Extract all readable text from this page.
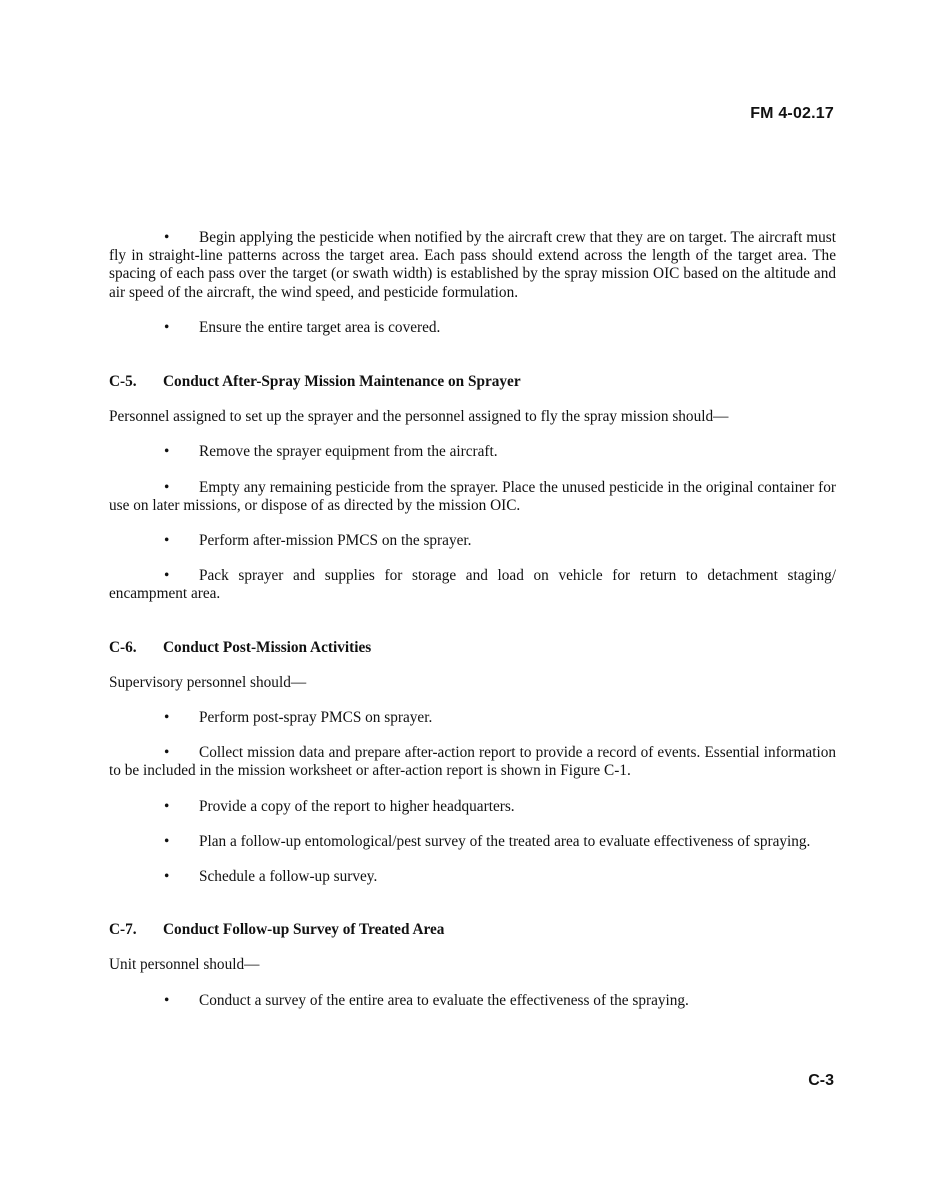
FM 4-02.17

• Begin applying the pesticide when notified by the aircraft crew that they are on target. The aircraft must fly in straight-line patterns across the target area. Each pass should extend across the length of the target area. The spacing of each pass over the target (or swath width) is established by the spray mission OIC based on the altitude and air speed of the aircraft, the wind speed, and pesticide formulation.

• Ensure the entire target area is covered.

C-5.	Conduct After-Spray Mission Maintenance on Sprayer

Personnel assigned to set up the sprayer and the personnel assigned to fly the spray mission should—

• Remove the sprayer equipment from the aircraft.

• Empty any remaining pesticide from the sprayer. Place the unused pesticide in the original container for use on later missions, or dispose of as directed by the mission OIC.

• Perform after-mission PMCS on the sprayer.

• Pack sprayer and supplies for storage and load on vehicle for return to detachment staging/ encampment area.

C-6.	Conduct Post-Mission Activities

Supervisory personnel should—

• Perform post-spray PMCS on sprayer.

• Collect mission data and prepare after-action report to provide a record of events. Essential information to be included in the mission worksheet or after-action report is shown in Figure C-1.

• Provide a copy of the report to higher headquarters.

• Plan a follow-up entomological/pest survey of the treated area to evaluate effectiveness of spraying.

• Schedule a follow-up survey.

C-7.	Conduct Follow-up Survey of Treated Area

Unit personnel should—

• Conduct a survey of the entire area to evaluate the effectiveness of the spraying.

C-3
